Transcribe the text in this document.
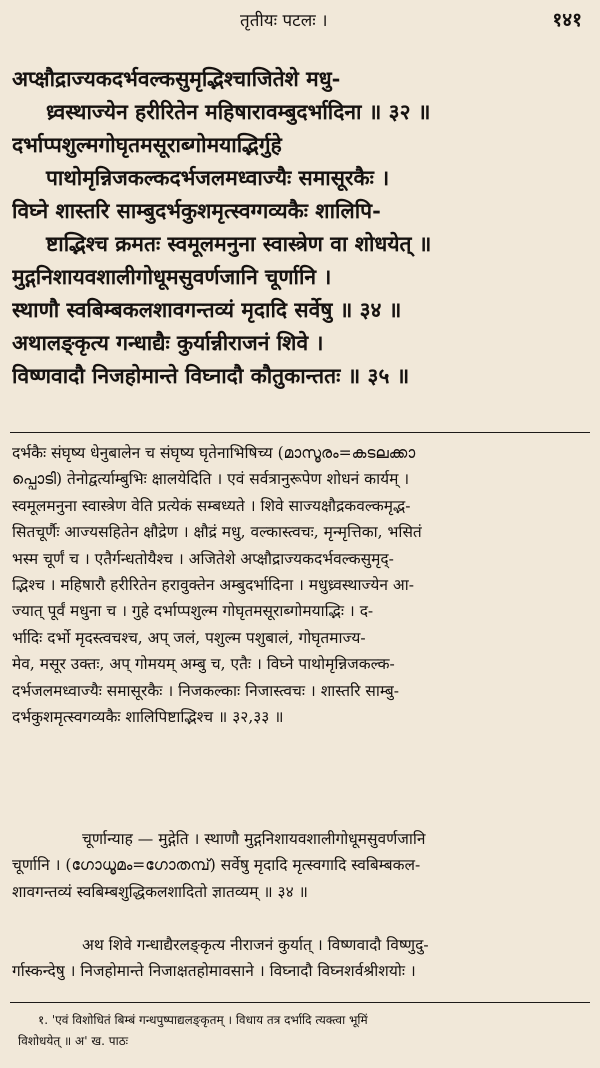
तृतीयः पटलः ।	१४१
अप्क्षौद्राज्यकदर्भवल्कसुमृद्भिश्चाजितेशे मधु-
ध्र्वस्थाज्येन हरीरितेन महिषारावम्बुदर्भादिना ॥ ३२ ॥
दर्भाप्पशुल्मगोघृतमसूराब्गोमयाद्भिर्गुहे
पाथोमृन्निजकल्कदर्भजलमध्वाज्यैः समासूरकैः ।
विघ्ने शास्तरि साम्बुदर्भकुशमृत्स्वग्गव्यकैः शालिपि-
ष्टाद्भिश्च क्रमतः स्वमूलमनुना स्वास्त्रेण वा शोधयेत् ॥
मुद्गनिशायवशालीगोधूमसुवर्णजानि चूर्णानि ।
स्थाणौ स्वबिम्बकलशावगन्तव्यं मृदादि सर्वेषु ॥ ३४ ॥
अथालङ्कृत्य गन्धाद्यैः कुर्यान्नीराजनं शिवे ।
विष्णवादौ निजहोमान्ते विघ्नादौ कौतुकान्ततः ॥ ३५ ॥
दर्भकैः संघृष्य धेनुबालेन च संघृष्य घृतेनाभिषिच्य (മാസൂരം=കടലക്കാ
പ്പൊടി) तेनोद्वर्त्याम्बुभिः क्षालयेदिति । एवं सर्वत्रानुरूपेण शोधनं कार्यम् ।
स्वमूलमनुना स्वास्त्रेण वेति प्रत्येकं सम्बध्यते । शिवे साज्यक्षौद्रकवल्कमृद्भ-
सितचूर्णैः आज्यसहितेन क्षौद्रेण । क्षौद्रं मधु, वल्कास्त्वचः, मृन्मृत्तिका, भसितं
भस्म चूर्णं च । एतैर्गन्धतोयैश्च । अजितेशे अप्क्षौद्राज्यकदर्भवल्कसुमृद्-
द्भिश्च । महिषारौ हरीरितेन हरावुक्तेन अम्बुदर्भादिना । मधुध्र्वस्थाज्येन आ-
ज्यात् पूर्वं मधुना च । गुहे दर्भाप्पशुल्म गोघृतमसूराब्गोमयाद्भिः । द-
र्भादिः दर्भो मृदस्त्वचश्च, अप् जलं, पशुल्म पशुबालं, गोघृतमाज्य-
मेव, मसूर उक्तः, अप् गोमयम् अम्बु च, एतैः । विघ्ने पाथोमृन्निजकल्क-
दर्भजलमध्वाज्यैः समासूरकैः । निजकल्काः निजास्त्वचः । शास्तरि साम्बु-
दर्भकुशमृत्स्वगव्यकैः शालिपिष्टाद्भिश्च ॥ ३२,३३ ॥
चूर्णान्याह — मुद्गेति । स्थाणौ मुद्गनिशायवशालीगोधूमसुवर्णजानि
चूर्णानि । (ഗോധൂമം=ഗോതമ്പ്) सर्वेषु मृदादि मृत्स्वगादि स्वबिम्बकल-
शावगन्तव्यं स्वबिम्बशुद्धिकलशादितो ज्ञातव्यम् ॥ ३४ ॥
अथ शिवे गन्धाद्यैरलङ्कृत्य नीराजनं कुर्यात् । विष्णवादौ विष्णुदु-
र्गास्कन्देषु । निजहोमान्ते निजाक्षतहोमावसाने । विघ्नादौ विघ्नशर्वश्रीशयोः ।
१. 'एवं विशोधितं बिम्बं गन्धपुष्पाद्यलङ्कृतम् । विधाय तत्र दर्भादि त्यक्त्वा भूमिं
विशोधयेत् ॥ अ' ख. पाठः
